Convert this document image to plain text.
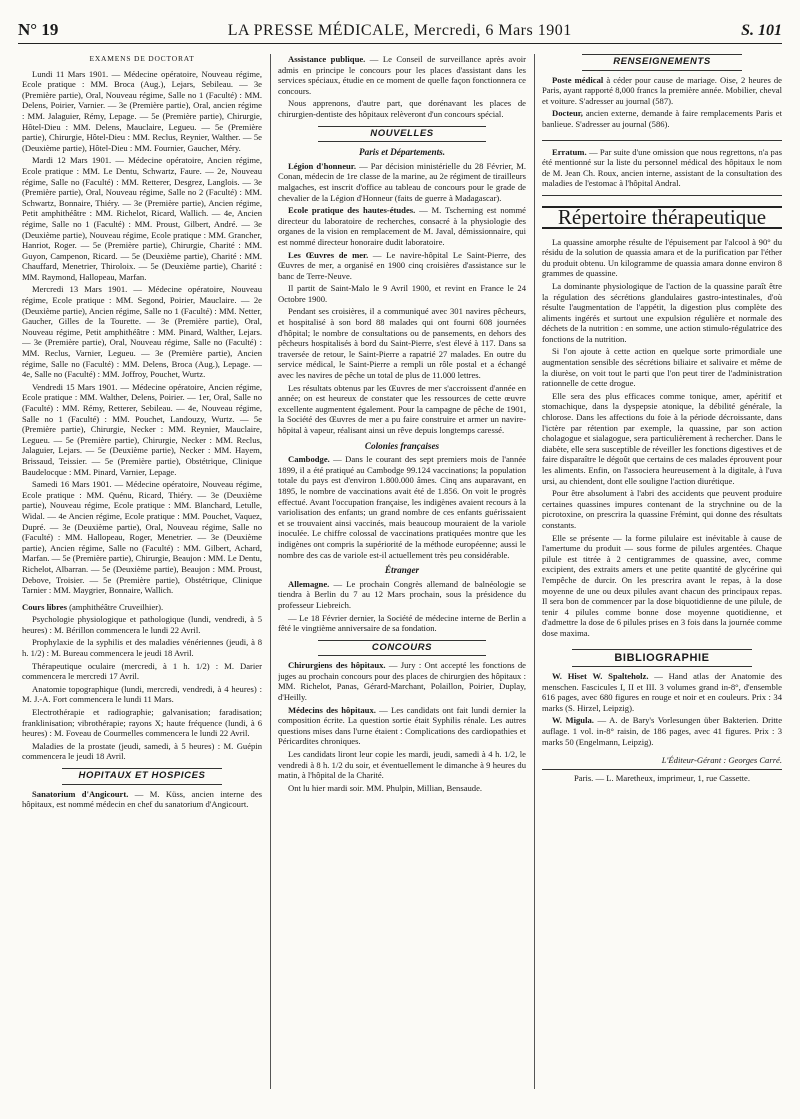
N° 19	LA PRESSE MÉDICALE, Mercredi, 6 Mars 1901	S. 101
EXAMENS DE DOCTORAT

Lundi 11 Mars 1901. — Médecine opératoire, Nouveau régime, Ecole pratique : MM. Broca (Aug.), Lejars, Sebileau. — 3e (Première partie), Oral, Nouveau régime, Salle no 1 (Faculté) : MM. Delens, Poirier, Varnier. — 3e (Première partie), Oral, ancien régime : MM. Jalaguier, Rémy, Lepage. — 5e (Première partie), Chirurgie, Hôtel-Dieu : MM. Delens, Mauclaire, Legueu. — 5e (Première partie), Chirurgie, Hôtel-Dieu : MM. Reclus, Reynier, Walther. — 5e (Deuxième partie), Hôtel-Dieu : MM. Fournier, Gaucher, Méry.

Mardi 12 Mars 1901. — Médecine opératoire, Ancien régime, Ecole pratique : MM. Le Dentu, Schwartz, Faure. — 2e, Nouveau régime, Salle no (Faculté) : MM. Retterer, Desgrez, Langlois. — 3e (Première partie), Oral, Nouveau régime, Salle no 2 (Faculté) : MM. Schwartz, Bonnaire, Thiéry. — 3e (Première partie), Ancien régime, Petit amphithéâtre : MM. Richelot, Ricard, Wallich. — 4e, Ancien régime, Salle no 1 (Faculté) : MM. Proust, Gilbert, André. — 3e (Deuxième partie), Nouveau régime, Ecole pratique : MM. Grancher, Hanriot, Roger. — 5e (Première partie), Chirurgie, Charité : MM. Guyon, Campenon, Ricard. — 5e (Deuxième partie), Charité : MM. Chauffard, Menetrier, Thiroloix. — 5e (Deuxième partie), Charité : MM. Raymond, Hallopeau, Marfan.

Mercredi 13 Mars 1901. — Médecine opératoire, Nouveau régime, Ecole pratique : MM. Segond, Poirier, Mauclaire. — 2e (Deuxième partie), Ancien régime, Salle no 1 (Faculté) : MM. Netter, Gaucher, Gilles de la Tourette. — 3e (Première partie), Oral, Nouveau régime, Petit amphithéâtre : MM. Pinard, Walther, Lejars. — 3e (Première partie), Oral, Nouveau régime, Salle no (Faculté) : MM. Reclus, Varnier, Legueu. — 3e (Première partie), Ancien régime, Salle no (Faculté) : MM. Delens, Broca (Aug.), Lepage. — 4e, Salle no (Faculté) : MM. Joffroy, Pouchet, Wurtz.

Vendredi 15 Mars 1901. — Médecine opératoire, Ancien régime, Ecole pratique : MM. Walther, Delens, Poirier. — 1er, Oral, Salle no (Faculté) : MM. Rémy, Retterer, Sebileau. — 4e, Nouveau régime, Salle no 1 (Faculté) : MM. Pouchet, Landouzy, Wurtz. — 5e (Première partie), Chirurgie, Necker : MM. Reynier, Mauclaire, Legueu. — 5e (Première partie), Chirurgie, Necker : MM. Reclus, Jalaguier, Lejars. — 5e (Deuxième partie), Necker : MM. Hayem, Brissaud, Teissier. — 5e (Première partie), Obstétrique, Clinique Baudelocque : MM. Pinard, Varnier, Lepage.

Samedi 16 Mars 1901. — Médecine opératoire, Nouveau régime, Ecole pratique : MM. Quénu, Ricard, Thiéry. — 3e (Deuxième partie), Nouveau régime, Ecole pratique : MM. Blanchard, Letulle, Widal. — 4e Ancien régime, Ecole pratique : MM. Pouchet, Vaquez, Dupré. — 3e (Deuxième partie), Oral, Nouveau régime, Salle no (Faculté) : MM. Hallopeau, Roger, Menetrier. — 3e (Deuxième partie), Ancien régime, Salle no (Faculté) : MM. Gilbert, Achard, Marfan. — 5e (Première partie), Chirurgie, Beaujon : MM. Le Dentu, Richelot, Albarran. — 5e (Deuxième partie), Beaujon : MM. Proust, Debove, Troisier. — 5e (Première partie), Obstétrique, Clinique Tarnier : MM. Maygrier, Bonnaire, Wallich.

Cours libres (amphithéâtre Cruveilhier).

Psychologie physiologique et pathologique (lundi, vendredi, à 5 heures) : M. Bérillon commencera le lundi 22 Avril.

Prophylaxie de la syphilis et des maladies vénériennes (jeudi, à 8 h. 1/2) : M. Bureau commencera le jeudi 18 Avril.

Thérapeutique oculaire (mercredi, à 1 h. 1/2) : M. Darier commencera le mercredi 17 Avril.

Anatomie topographique (lundi, mercredi, vendredi, à 4 heures) : M. J.-A. Fort commencera le lundi 11 Mars.

Electrothérapie et radiographie; galvanisation; faradisation; franklinisation; vibrothérapie; rayons X; haute fréquence (lundi, à 6 heures) : M. Foveau de Courmelles commencera le lundi 22 Avril.

Maladies de la prostate (jeudi, samedi, à 5 heures) : M. Guépin commencera le jeudi 18 Avril.

HOPITAUX ET HOSPICES

Sanatorium d'Angicourt. — M. Küss, ancien interne des hôpitaux, est nommé médecin en chef du sanatorium d'Angicourt.

Assistance publique. — Le Conseil de surveillance après avoir admis en principe le concours pour les places d'assistant dans les services spéciaux, étudie en ce moment de quelle façon fonctionnera ce concours.

Nous apprenons, d'autre part, que dorénavant les places de chirurgien-dentiste des hôpitaux relèveront d'un concours spécial.

NOUVELLES
Paris et Départements.

Légion d'honneur. — Par décision ministérielle du 28 Février, M. Conan, médecin de 1re classe de la marine, au 2e régiment de tirailleurs malgaches, est inscrit d'office au tableau de concours pour le grade de chevalier de la Légion d'Honneur (faits de guerre à Madagascar).

Ecole pratique des hautes-études. — M. Tscherning est nommé directeur du laboratoire de recherches, consacré à la physiologie des organes de la vision en remplacement de M. Javal, démissionnaire, qui est nommé directeur honoraire dudit laboratoire.

Les Œuvres de mer. — Le navire-hôpital Le Saint-Pierre, des Œuvres de mer, a organisé en 1900 cinq croisières d'assistance sur le banc de Terre-Neuve.

Il partit de Saint-Malo le 9 Avril 1900, et revint en France le 24 Octobre 1900.

Pendant ses croisières, il a communiqué avec 301 navires pêcheurs, et hospitalisé à son bord 88 malades qui ont fourni 608 journées d'hôpital; le nombre de consultations ou de pansements, en dehors des pêcheurs hospitalisés à bord du Saint-Pierre, s'est élevé à 117. Dans sa traversée de retour, le Saint-Pierre a rapatrié 27 malades. En outre du service médical, le Saint-Pierre a rempli un rôle postal et a échangé avec les navires de pêche un total de plus de 11.000 lettres.

Les résultats obtenus par les Œuvres de mer s'accroissent d'année en année; on est heureux de constater que les ressources de cette œuvre excellente augmentent également. Pour la campagne de pêche de 1901, la Société des Œuvres de mer a pu faire construire et armer un navire-hôpital à vapeur, réalisant ainsi un rêve depuis longtemps caressé.

Colonies françaises

Cambodge. — Dans le courant des sept premiers mois de l'année 1899, il a été pratiqué au Cambodge 99.124 vaccinations; la population totale du pays est d'environ 1.800.000 âmes. Cinq ans auparavant, en 1895, le nombre de vaccinations avait été de 1.856. On voit le progrès effectué. Avant l'occupation française, les indigènes avaient recours à la variolisation des enfants; un grand nombre de ces enfants guérissaient et se trouvaient ainsi vaccinés, mais beaucoup mouraient de la variole inoculée. Le chiffre colossal de vaccinations pratiquées montre que les indigènes ont compris la supériorité de la méthode européenne; aussi le nombre des cas de variole est-il actuellement très peu considérable.

Étranger

Allemagne. — Le prochain Congrès allemand de balnéologie se tiendra à Berlin du 7 au 12 Mars prochain, sous la présidence du professeur Liebreich.

— Le 18 Février dernier, la Société de médecine interne de Berlin a fêté le vingtième anniversaire de sa fondation.

CONCOURS

Chirurgiens des hôpitaux. — Jury : Ont accepté les fonctions de juges au prochain concours pour des places de chirurgien des hôpitaux : MM. Richelot, Panas, Gérard-Marchant, Polaillon, Poirier, Duplay, d'Heilly.

Médecins des hôpitaux. — Les candidats ont fait lundi dernier la composition écrite. La question sortie était Syphilis rénale. Les autres questions mises dans l'urne étaient : Complications des cardiopathies et Péricardites chroniques.

Les candidats liront leur copie les mardi, jeudi, samedi à 4 h. 1/2, le vendredi à 8 h. 1/2 du soir, et éventuellement le dimanche à 9 heures du matin, à l'hôpital de la Charité.

Ont lu hier mardi soir. MM. Phulpin, Millian, Bensaude.

RENSEIGNEMENTS

Poste médical à céder pour cause de mariage. Oise, 2 heures de Paris, ayant rapporté 8,000 francs la première année. Mobilier, cheval et voiture. S'adresser au journal (587).

Docteur, ancien externe, demande à faire remplacements Paris et banlieue. S'adresser au journal (586).

Erratum. — Par suite d'une omission que nous regrettons, n'a pas été mentionné sur la liste du personnel médical des hôpitaux le nom de M. Jean Ch. Roux, ancien interne, assistant de la consultation des maladies de l'estomac à l'hôpital Andral.

Répertoire thérapeutique

La quassine amorphe résulte de l'épuisement par l'alcool à 90° du résidu de la solution de quassia amara et de la purification par l'éther du produit obtenu. Un kilogramme de quassia amara donne environ 8 grammes de quassine.

La dominante physiologique de l'action de la quassine paraît être la régulation des sécrétions glandulaires gastro-intestinales, d'où résulte l'augmentation de l'appétit, la digestion plus complète des aliments ingérés et surtout une expulsion régulière et normale des déchets de la nutrition : en somme, une action stimulo-régulatrice des fonctions de la nutrition.

Si l'on ajoute à cette action en quelque sorte primordiale une augmentation sensible des sécrétions biliaire et salivaire et même de la diurèse, on voit tout le parti que l'on peut tirer de l'administration rationnelle de cette drogue.

Elle sera des plus efficaces comme tonique, amer, apéritif et stomachique, dans la dyspepsie atonique, la débilité générale, la chlorose. Dans les affections du foie à la période décroissante, dans l'ictère par rétention par exemple, la quassine, par son action cholagogue et sialagogue, sera particulièrement à rechercher. Dans le diabète, elle sera susceptible de réveiller les fonctions digestives et de faire disparaître le dégoût que certains de ces malades éprouvent pour les aliments. Enfin, on l'associera heureusement à la digitale, à l'uva ursi, au chiendent, dont elle souligne l'action diurétique.

Pour être absolument à l'abri des accidents que peuvent produire certaines quassines impures contenant de la strychnine ou de la picrotoxine, on prescrira la quassine Frémint, qui donne des résultats constants.

Elle se présente — la forme pilulaire est inévitable à cause de l'amertume du produit — sous forme de pilules argentées. Chaque pilule est titrée à 2 centigrammes de quassine, avec, comme excipient, des extraits amers et une petite quantité de glycérine qui l'empêche de durcir. On les prescrira avant le repas, à la dose moyenne de une ou deux pilules avant chacun des principaux repas. Il sera bon de commencer par la dose biquotidienne de une pilule, de tenir 4 pilules comme bonne dose moyenne quotidienne, et d'admettre la dose de 6 pilules prises en 3 fois dans la journée comme dose maxima.

BIBLIOGRAPHIE

W. Hiset W. Spalteholz. — Hand atlas der Anatomie des menschen. Fascicules I, II et III. 3 volumes grand in-8°, d'ensemble 616 pages, avec 680 figures en rouge et noir et en couleurs. Prix : 34 marks (S. Hirzel, Leipzig).

W. Migula. — A. de Bary's Vorlesungen über Bakterien. Dritte auflage. 1 vol. in-8° raisin, de 186 pages, avec 41 figures. Prix : 3 marks 50 (Engelmann, Leipzig).

L'Éditeur-Gérant : Georges Carré.
Paris. — L. Maretheux, imprimeur, 1, rue Cassette.
